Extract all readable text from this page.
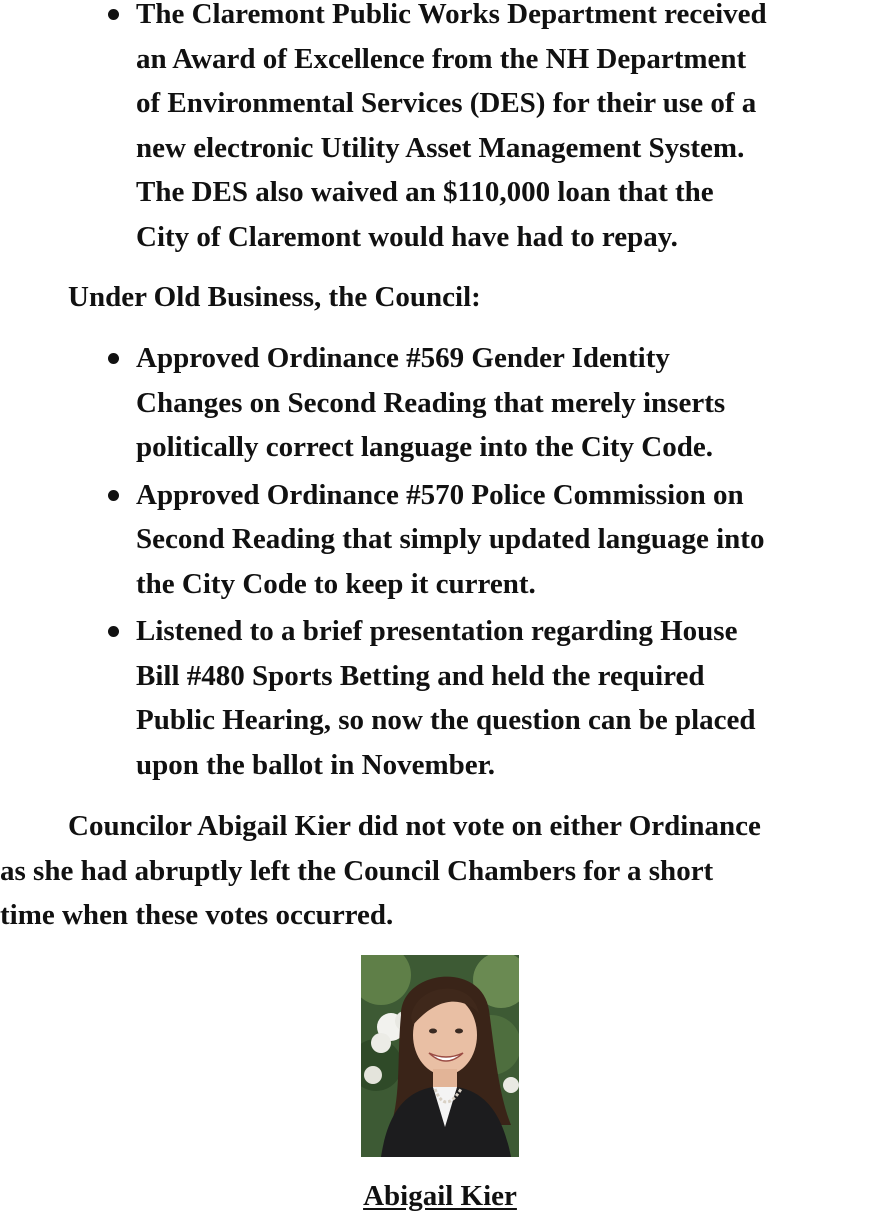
The Claremont Public Works Department received
an Award of Excellence from the NH Department
of Environmental Services (DES) for their use of a
new electronic Utility Asset Management System.
The DES also waived an $110,000 loan that the
City of Claremont would have had to repay.
Under Old Business, the Council:
Approved Ordinance #569 Gender Identity
Changes on Second Reading that merely inserts
politically correct language into the City Code.
Approved Ordinance #570 Police Commission on
Second Reading that simply updated language into
the City Code to keep it current.
Listened to a brief presentation regarding House
Bill #480 Sports Betting and held the required
Public Hearing, so now the question can be placed
upon the ballot in November.
Councilor Abigail Kier did not vote on either Ordinance
as she had abruptly left the Council Chambers for a short
time when these votes occurred.
Abigail Kier
